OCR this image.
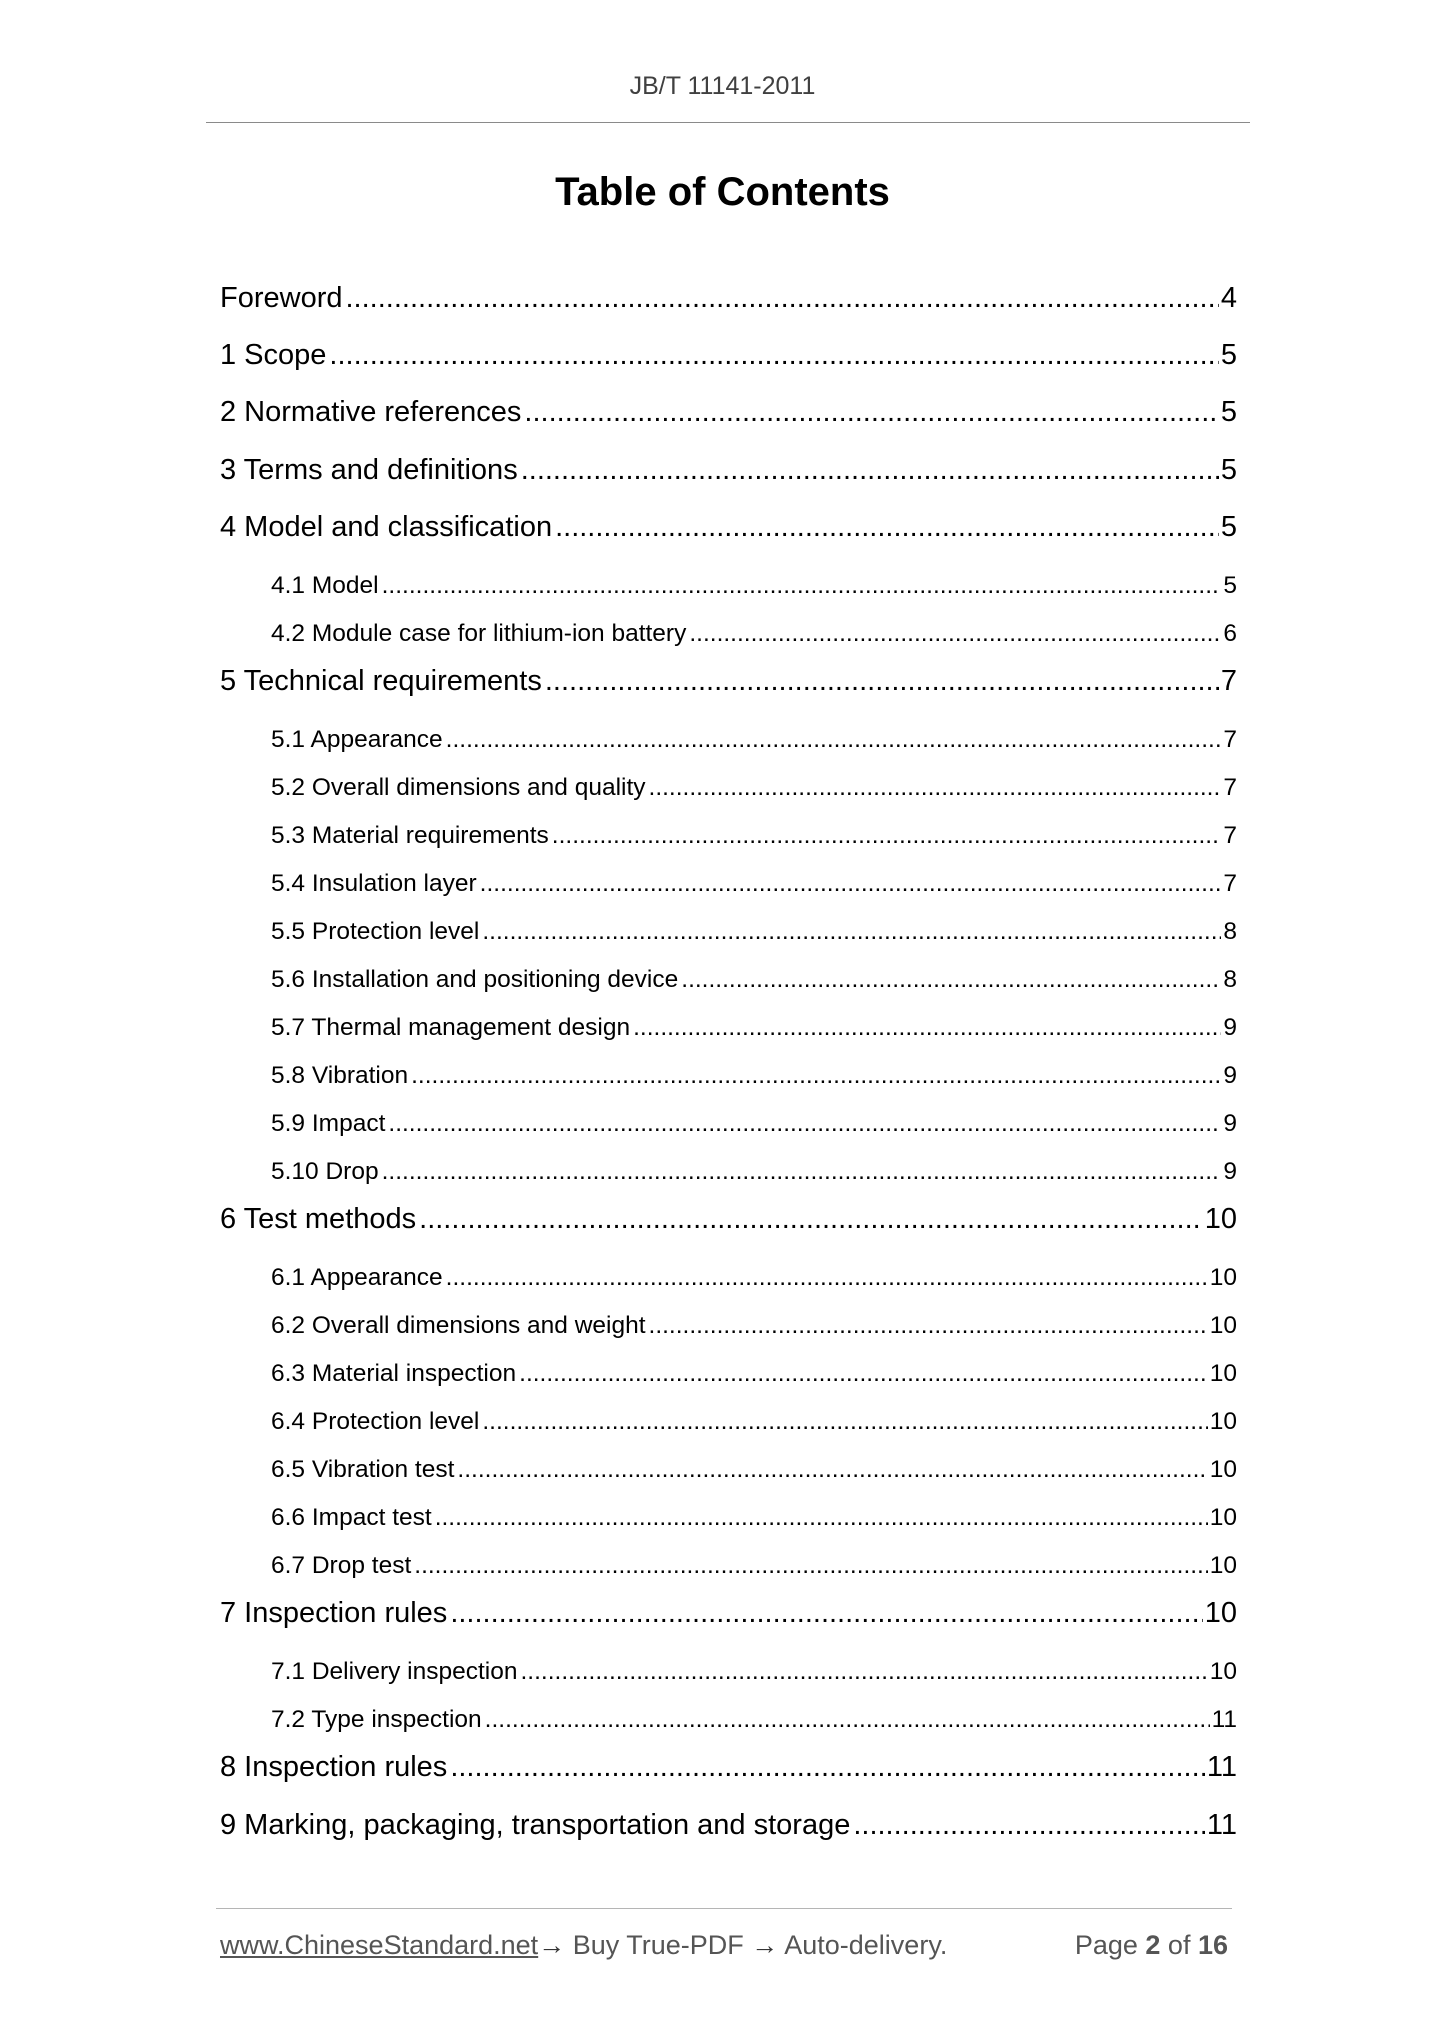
JB/T 11141-2011
Table of Contents
Foreword .....	4
1 Scope .....	5
2 Normative references .....	5
3 Terms and definitions .....	5
4 Model and classification .....	5
4.1 Model .....	5
4.2 Module case for lithium-ion battery .....	6
5 Technical requirements .....	7
5.1 Appearance .....	7
5.2 Overall dimensions and quality .....	7
5.3 Material requirements .....	7
5.4 Insulation layer .....	7
5.5 Protection level .....	8
5.6 Installation and positioning device .....	8
5.7 Thermal management design .....	9
5.8 Vibration .....	9
5.9 Impact .....	9
5.10 Drop .....	9
6 Test methods .....	10
6.1 Appearance .....	10
6.2 Overall dimensions and weight .....	10
6.3 Material inspection .....	10
6.4 Protection level .....	10
6.5 Vibration test .....	10
6.6 Impact test .....	10
6.7 Drop test .....	10
7 Inspection rules .....	10
7.1 Delivery inspection .....	10
7.2 Type inspection .....	11
8 Inspection rules .....	11
9 Marking, packaging, transportation and storage .....	11
www.ChineseStandard.net→ Buy True-PDF → Auto-delivery.	Page 2 of 16
